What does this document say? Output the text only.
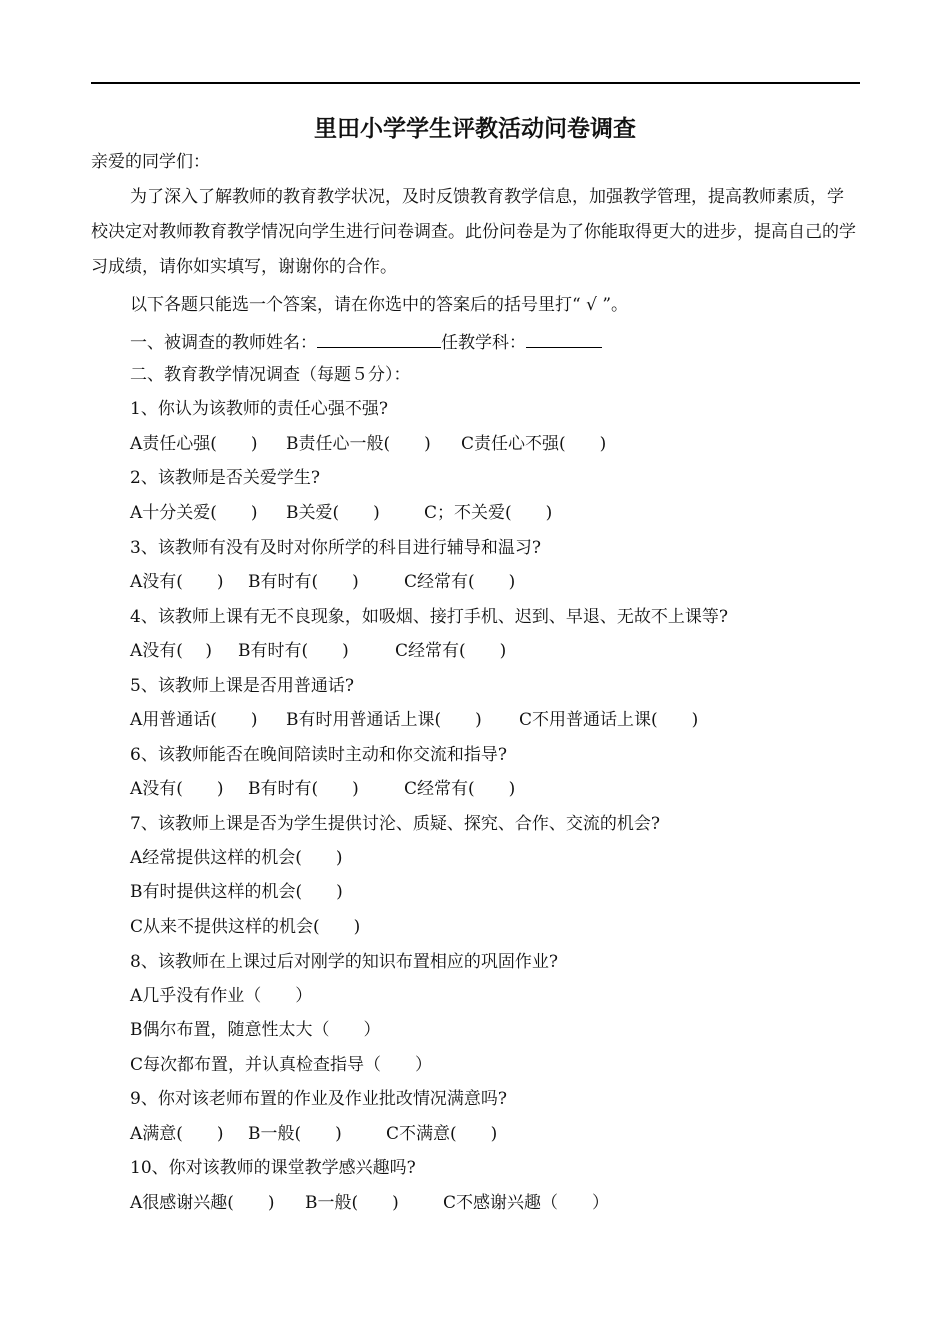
里田小学学生评教活动问卷调查
亲爱的同学们：
为了深入了解教师的教育教学状况，及时反馈教育教学信息，加强教学管理，提高教师素质，学校决定对教师教育教学情况向学生进行问卷调查。此份问卷是为了你能取得更大的进步，提高自己的学习成绩，请你如实填写，谢谢你的合作。
以下各题只能选一个答案，请在你选中的答案后的括号里打“ √ ”。
一、被调查的教师姓名：	任教学科：
二、教育教学情况调查（每题５分）：
1、你认为该教师的责任心强不强?
A责任心强(　　) B责任心一般(　　) C责任心不强(　　)
2、该教师是否关爱学生?
A十分关爱(　　) B关爱(　　)	C；不关爱(　　)
3、该教师有没有及时对你所学的科目进行辅导和温习?
A没有(　　) B有时有(　　)	C经常有(　　)
4、该教师上课有无不良现象，如吸烟、接打手机、迟到、早退、无故不上课等?
A没有(　 ) B有时有(　　)	C经常有(　　)
5、该教师上课是否用普通话?
A用普通话(　　) B有时用普通话上课(　　) C不用普通话上课(　　)
6、该教师能否在晚间陪读时主动和你交流和指导?
A没有(　　) B有时有(　　)	C经常有(　　)
7、该教师上课是否为学生提供讨沦、质疑、探究、合作、交流的机会?
A经常提供这样的机会(　　)
B有时提供这样的机会(　　)
C从来不提供这样的机会(　　)
8、该教师在上课过后对刚学的知识布置相应的巩固作业?
A几乎没有作业（　　）
B偶尔布置，随意性太大（　　）
C每次都布置，并认真检查指导（　　）
9、你对该老师布置的作业及作业批改情况满意吗?
A满意(　　) B一般(　　)	C不满意(　　)
10、你对该教师的课堂教学感兴趣吗?
A很感谢兴趣(　　) B一般(　　)	C不感谢兴趣（　　）
